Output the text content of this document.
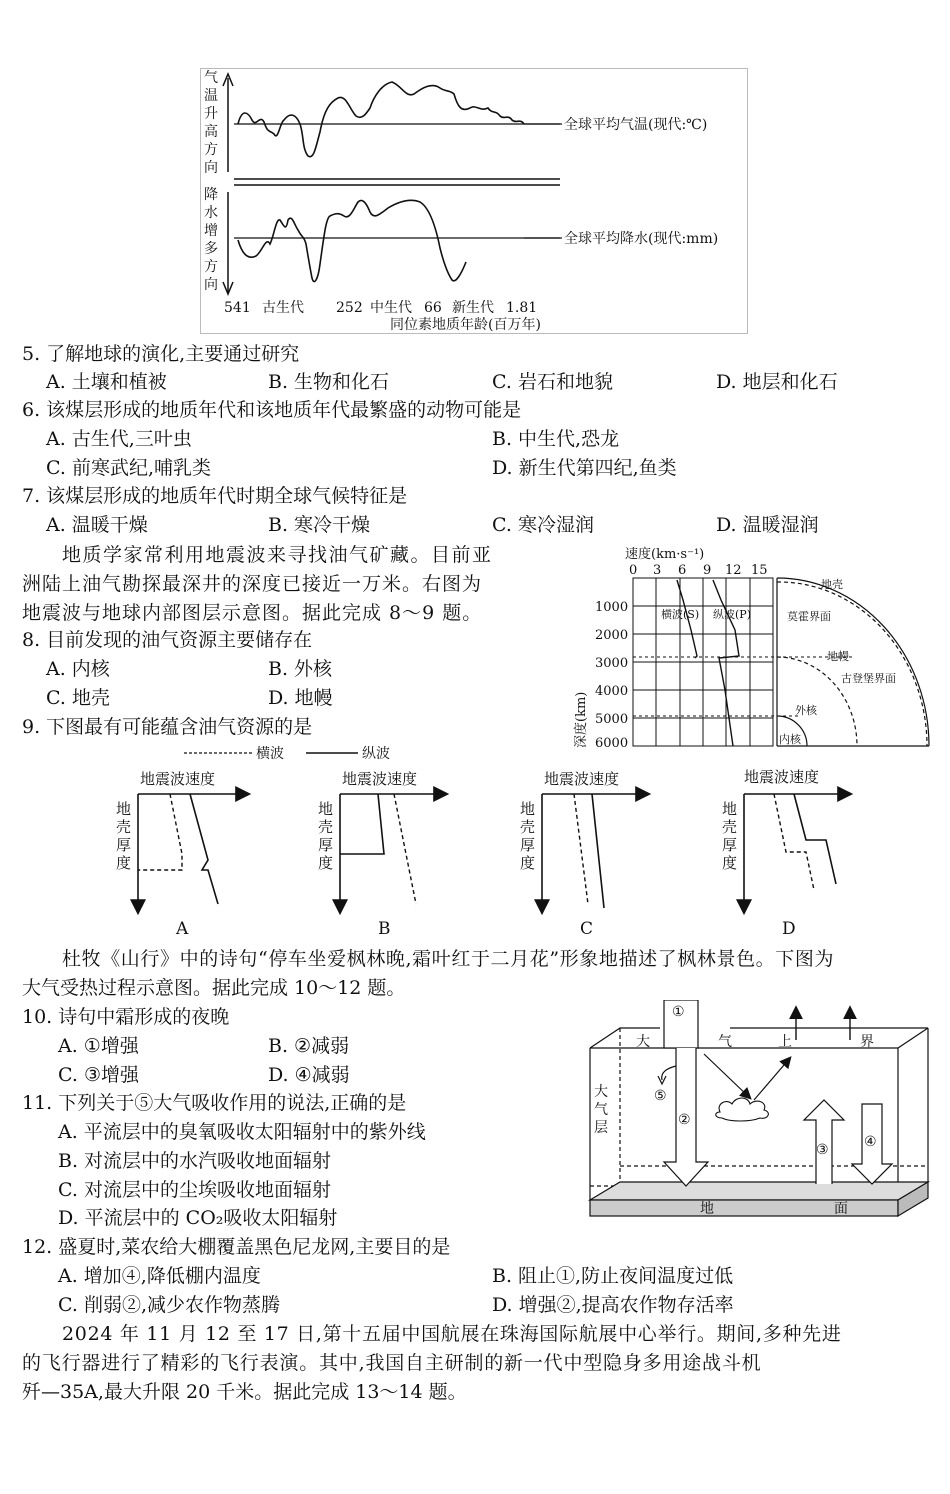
气
温
升
高
方
向
降
水
增
多
方
向
全球平均气温(现代:℃)
全球平均降水(现代:mm)
541 古生代 252 中生代 66 新生代 1.81
同位素地质年龄(百万年)
5. 了解地球的演化,主要通过研究
A. 土壤和植被	B. 生物和化石	C. 岩石和地貌	D. 地层和化石
6. 该煤层形成的地质年代和该地质年代最繁盛的动物可能是
A. 古生代,三叶虫	B. 中生代,恐龙
C. 前寒武纪,哺乳类	D. 新生代第四纪,鱼类
7. 该煤层形成的地质年代时期全球气候特征是
A. 温暖干燥	B. 寒冷干燥	C. 寒冷湿润	D. 温暖湿润
地质学家常利用地震波来寻找油气矿藏。目前亚
洲陆上油气勘探最深井的深度已接近一万米。右图为
地震波与地球内部图层示意图。据此完成 8～9 题。
速度(km·s⁻¹)
0 3 6 9 12 15
1000
2000
3000
4000
5000
6000
深度(km)
横波(S) 纵波(P)
地壳
莫霍界面
地幔
古登堡界面
外核
内核
8. 目前发现的油气资源主要储存在
A. 内核	B. 外核
C. 地壳	D. 地幔
9. 下图最有可能蕴含油气资源的是
横波	纵波
地震波速度
地
壳
厚
度
A
地震波速度
地
壳
厚
度
B
地震波速度
地
壳
厚
度
C
地震波速度
地
壳
厚
度
D
杜牧《山行》中的诗句“停车坐爱枫林晚,霜叶红于二月花”形象地描述了枫林景色。下图为
大气受热过程示意图。据此完成 10～12 题。
地	面
大	气	上	界
大
气
层
①
②
⑤
③	④
10. 诗句中霜形成的夜晚
A. ①增强	B. ②减弱
C. ③增强	D. ④减弱
11. 下列关于⑤大气吸收作用的说法,正确的是
A. 平流层中的臭氧吸收太阳辐射中的紫外线
B. 对流层中的水汽吸收地面辐射
C. 对流层中的尘埃吸收地面辐射
D. 平流层中的 CO₂吸收太阳辐射
12. 盛夏时,菜农给大棚覆盖黑色尼龙网,主要目的是
A. 增加④,降低棚内温度	B. 阻止①,防止夜间温度过低
C. 削弱②,减少农作物蒸腾	D. 增强②,提高农作物存活率
2024 年 11 月 12 至 17 日,第十五届中国航展在珠海国际航展中心举行。期间,多种先进
的飞行器进行了精彩的飞行表演。其中,我国自主研制的新一代中型隐身多用途战斗机
歼—35A,最大升限 20 千米。据此完成 13～14 题。
